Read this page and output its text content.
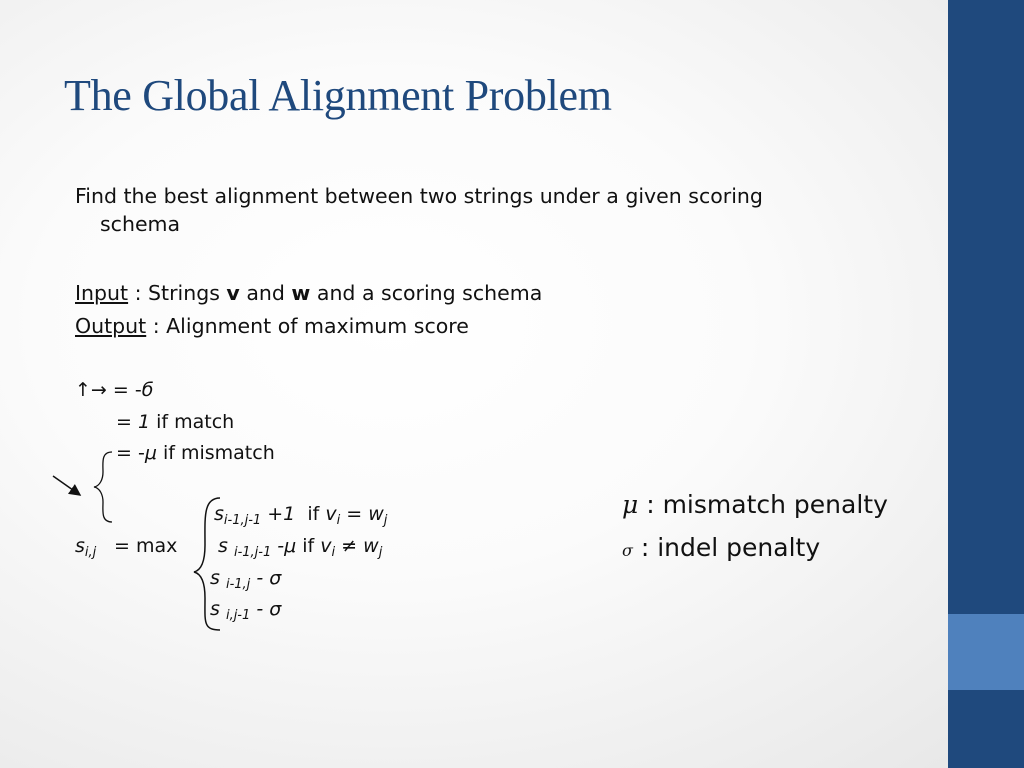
The Global Alignment Problem
Find the best alignment between two strings under a given scoring
schema
Input : Strings v and w and a scoring schema
Output : Alignment of maximum score
↑→ = -б
= 1 if match
= -μ if mismatch
$s_{i,j} = \max$
$s_{i-1,j-1} +1$ if $v_i = w_j$
s $_{i-1,j-1}$ -μ if $v_i \ne w_j$
s $_{i-1,j}$ - σ
s $_{i,j-1}$ - σ
μ : mismatch penalty
σ : indel penalty
